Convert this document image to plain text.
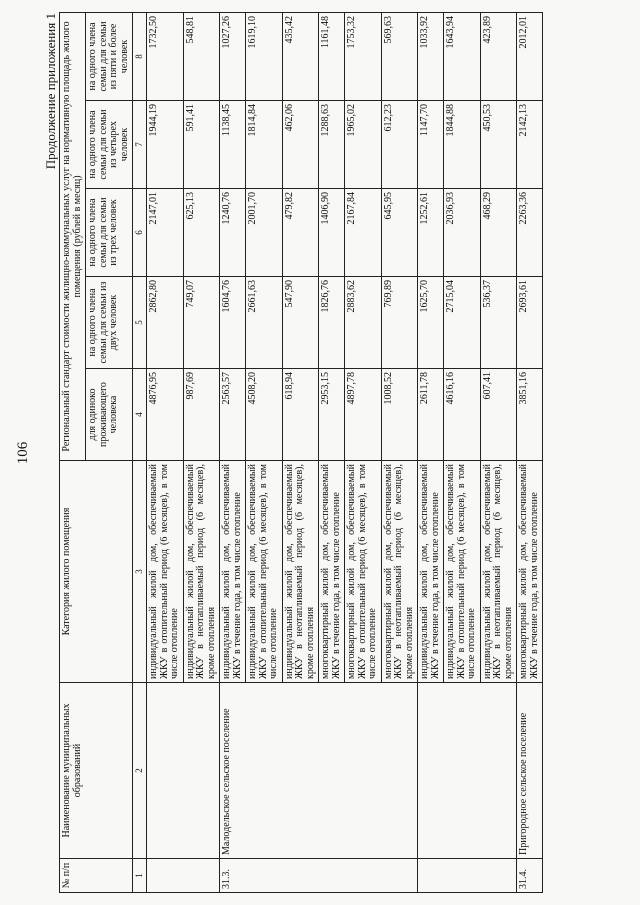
106
Продолжение приложения 1
№ п/п	Наименование муниципальных образований	Категория жилого помещения	Региональный стандарт стоимости жилищно-коммунальных услуг на нормативную площадь жилого помещения (рублей в месяц)				
			для одиноко проживающего человека	на одного члена семьи для семьи из двух человек	на одного члена семьи для семьи из трех человек	на одного члена семьи для семьи из четырех человек	на одного члена семьи для семьи из пяти и более человек
1	2	3	4	5	6	7	8
		индивидуальный жилой дом, обеспечиваемый ЖКУ в отопительный период (6 месяцев), в том числе отопление	4876,95	2862,80	2147,01	1944,19	1732,50
		индивидуальный жилой дом, обеспечиваемый ЖКУ в неотапливаемый период (6 месяцев), кроме отопления	987,69	749,07	625,13	591,41	548,81
31.3.	Малодельское сельское поселение	индивидуальный жилой дом, обеспечиваемый ЖКУ в течение года, в том числе отопление	2563,57	1604,76	1240,76	1138,45	1027,26
		индивидуальный жилой дом, обеспечиваемый ЖКУ в отопительный период (6 месяцев), в том числе отопление	4508,20	2661,63	2001,70	1814,84	1619,10
		индивидуальный жилой дом, обеспечиваемый ЖКУ в неотапливаемый период (6 месяцев), кроме отопления	618,94	547,90	479,82	462,06	435,42
		многоквартирный жилой дом, обеспечиваемый ЖКУ в течение года, в том числе отопление	2953,15	1826,76	1406,90	1288,63	1161,48
		многоквартирный жилой дом, обеспечиваемый ЖКУ в отопительный период (6 месяцев), в том числе отопление	4897,78	2883,62	2167,84	1965,02	1753,32
		многоквартирный жилой дом, обеспечиваемый ЖКУ в неотапливаемый период (6 месяцев), кроме отопления	1008,52	769,89	645,95	612,23	569,63
		индивидуальный жилой дом, обеспечиваемый ЖКУ в течение года, в том числе отопление	2611,78	1625,70	1252,61	1147,70	1033,92
		индивидуальный жилой дом, обеспечиваемый ЖКУ в отопительный период (6 месяцев), в том числе отопление	4616,16	2715,04	2036,93	1844,88	1643,94
		индивидуальный жилой дом, обеспечиваемый ЖКУ в неотапливаемый период (6 месяцев), кроме отопления	607,41	536,37	468,29	450,53	423,89
31.4.	Пригородное сельское поселение	многоквартирный жилой дом, обеспечиваемый ЖКУ в течение года, в том числе отопление	3851,16	2693,61	2263,36	2142,13	2012,01
